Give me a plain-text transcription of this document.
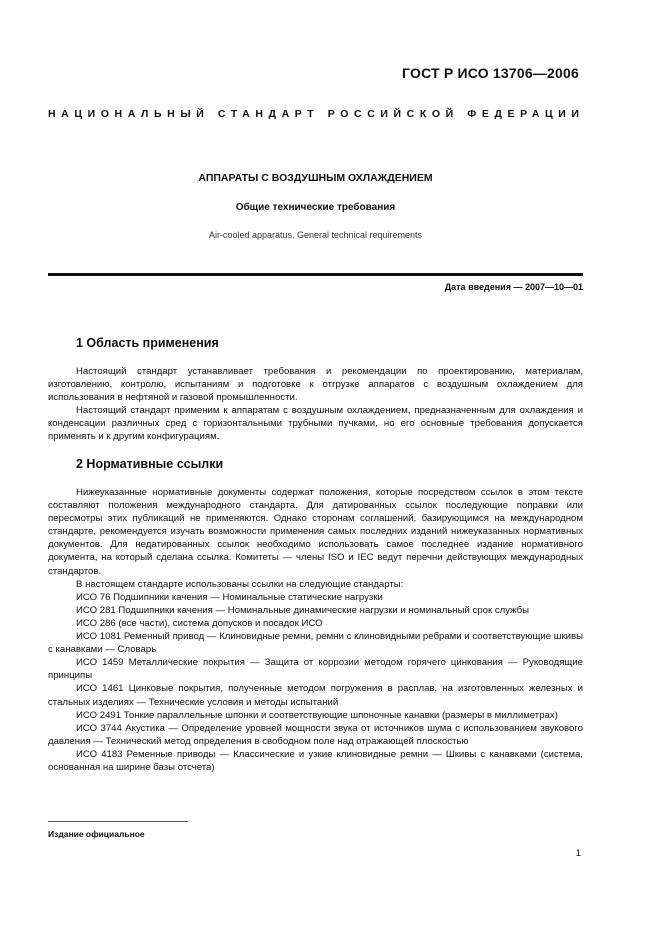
ГОСТ Р ИСО 13706—2006
НАЦИОНАЛЬНЫЙ СТАНДАРТ РОССИЙСКОЙ ФЕДЕРАЦИИ
АППАРАТЫ С ВОЗДУШНЫМ ОХЛАЖДЕНИЕМ
Общие технические требования
Air-cooled apparatus. General technical requirements
Дата введения — 2007—10—01
1 Область применения

Настоящий стандарт устанавливает требования и рекомендации по проектированию, материалам, изготовлению, контролю, испытаниям и подготовке к отгрузке аппаратов с воздушным охлаждением для использования в нефтяной и газовой промышленности.

Настоящий стандарт применим к аппаратам с воздушным охлаждением, предназначенным для охлаждения и конденсации различных сред с горизонтальными трубными пучками, но его основные требования допускается применять и к другим конфигурациям.

2 Нормативные ссылки

Нижеуказанные нормативные документы содержат положения, которые посредством ссылок в этом тексте составляют положения международного стандарта. Для датированных ссылок последующие поправки или пересмотры этих публикаций не применяются. Однако сторонам соглашений, базирующимся на международном стандарте, рекомендуется изучать возможности применения самых последних изданий нижеуказанных нормативных документов. Для недатированных ссылок необходимо использовать самое последнее издание нормативного документа, на который сделана ссылка. Комитеты — члены ISO и IEC ведут перечни действующих международных стандартов.

В настоящем стандарте использованы ссылки на следующие стандарты:

ИСО 76 Подшипники качения — Номинальные статические нагрузки

ИСО 281 Подшипники качения — Номинальные динамические нагрузки и номинальный срок службы

ИСО 286 (все части), система допусков и посадок ИСО

ИСО 1081 Ременный привод — Клиновидные ремни, ремни с клиновидными ребрами и соответствующие шкивы с канавками — Словарь

ИСО 1459 Металлические покрытия — Защита от коррозии методом горячего цинкования — Руководящие принципы

ИСО 1461 Цинковые покрытия, полученные методом погружения в расплав, на изготовленных железных и стальных изделиях — Технические условия и методы испытаний

ИСО 2491 Тонкие параллельные шпонки и соответствующие шпоночные канавки (размеры в миллиметрах)

ИСО 3744 Акустика — Определение уровней мощности звука от источников шума с использованием звукового давления — Технический метод определения в свободном поле над отражающей плоскостью

ИСО 4183 Ременные приводы — Классические и узкие клиновидные ремни — Шкивы с канавками (система, основанная на ширине базы отсчета)

Издание официальное
1
